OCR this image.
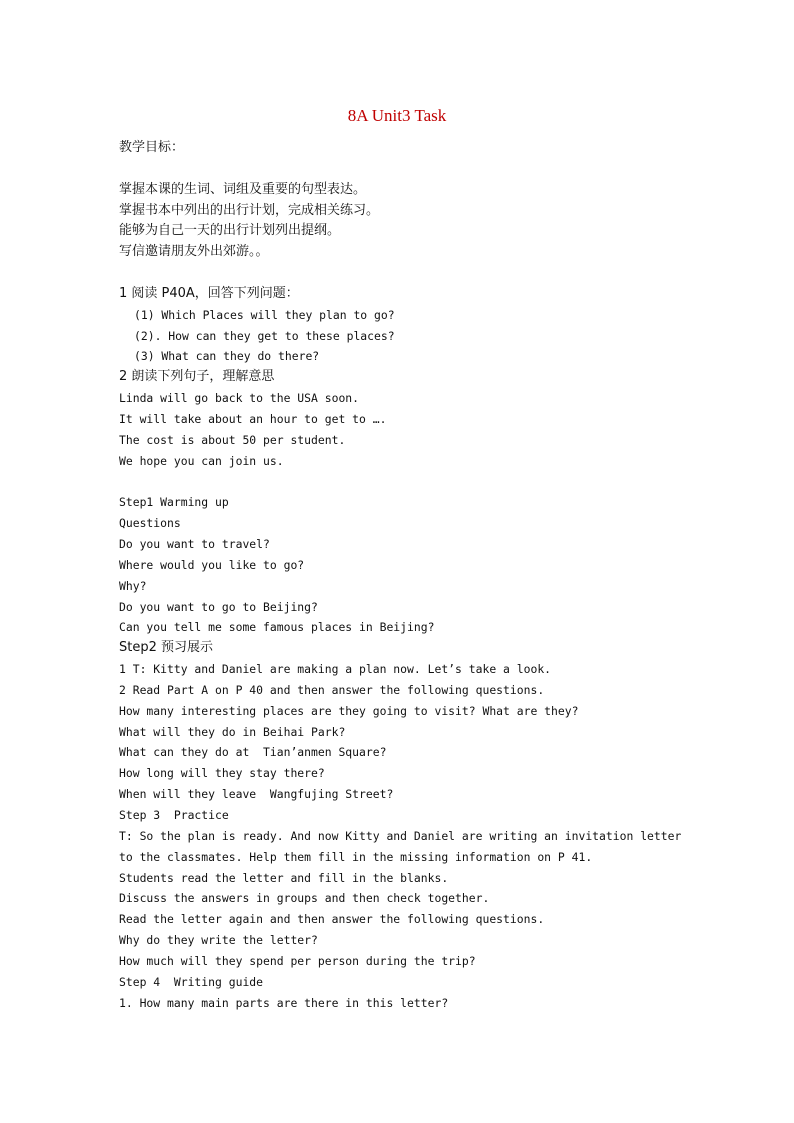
8A Unit3 Task
教学目标：
掌握本课的生词、词组及重要的句型表达。
掌握书本中列出的出行计划，完成相关练习。
能够为自己一天的出行计划列出提纲。
写信邀请朋友外出郊游。。
1 阅读 P40A，回答下列问题：
(1) Which Places will they plan to go?
(2). How can they get to these places?
(3) What can they do there?
2 朗读下列句子，理解意思
Linda will go back to the USA soon.
It will take about an hour to get to ….
The cost is about 50 per student.
We hope you can join us.
Step1 Warming up
Questions
Do you want to travel?
Where would you like to go?
Why?
Do you want to go to Beijing?
Can you tell me some famous places in Beijing?
Step2 预习展示
1 T: Kitty and Daniel are making a plan now. Let’s take a look.
2 Read Part A on P 40 and then answer the following questions.
How many interesting places are they going to visit? What are they?
What will they do in Beihai Park?
What can they do at  Tian’anmen Square?
How long will they stay there?
When will they leave  Wangfujing Street?
Step 3  Practice
T: So the plan is ready. And now Kitty and Daniel are writing an invitation letter
to the classmates. Help them fill in the missing information on P 41.
Students read the letter and fill in the blanks.
Discuss the answers in groups and then check together.
Read the letter again and then answer the following questions.
Why do they write the letter?
How much will they spend per person during the trip?
Step 4  Writing guide
1. How many main parts are there in this letter?
